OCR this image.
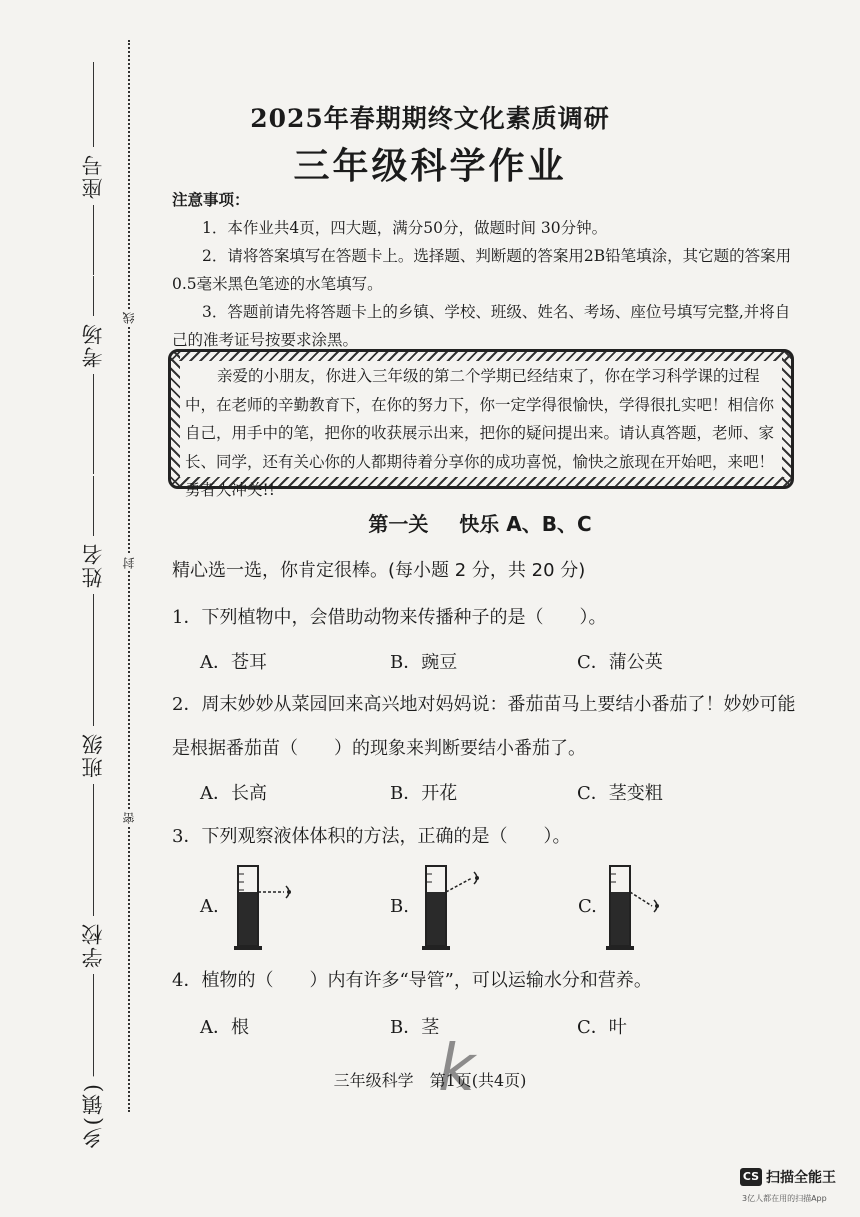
座号
考场
姓名
班级
学校
乡(镇)
线
封
密
2025年春期期终文化素质调研
三年级科学作业
注意事项：

1．本作业共4页，四大题，满分50分，做题时间 30分钟。

2．请将答案填写在答题卡上。选择题、判断题的答案用2B铅笔填涂，其它题的答案用0.5毫米黑色笔迹的水笔填写。

3．答题前请先将答题卡上的乡镇、学校、班级、姓名、考场、座位号填写完整,并将自己的准考证号按要求涂黑。

亲爱的小朋友，你进入三年级的第二个学期已经结束了，你在学习科学课的过程中，在老师的辛勤教育下，在你的努力下，你一定学得很愉快，学得很扎实吧！相信你自己，用手中的笔，把你的收获展示出来，把你的疑问提出来。请认真答题，老师、家长、同学，还有关心你的人都期待着分享你的成功喜悦，愉快之旅现在开始吧，来吧！勇者大冲关!!
第一关 快乐 A、B、C
精心选一选，你肯定很棒。(每小题 2 分，共 20 分)
1．下列植物中，会借助动物来传播种子的是（　　）。
A．苍耳	B．豌豆	C．蒲公英
2．周末妙妙从菜园回来高兴地对妈妈说：番茄苗马上要结小番茄了！妙妙可能是根据番茄苗（　　）的现象来判断要结小番茄了。
A．长高	B．开花	C．茎变粗
3．下列观察液体体积的方法，正确的是（　　）。
A.	B.	C.
4．植物的（　　）内有许多“导管”，可以运输水分和营养。
A．根	B．茎	C．叶
k
三年级科学　第1页(共4页)
CS 扫描全能王
3亿人都在用的扫描App
